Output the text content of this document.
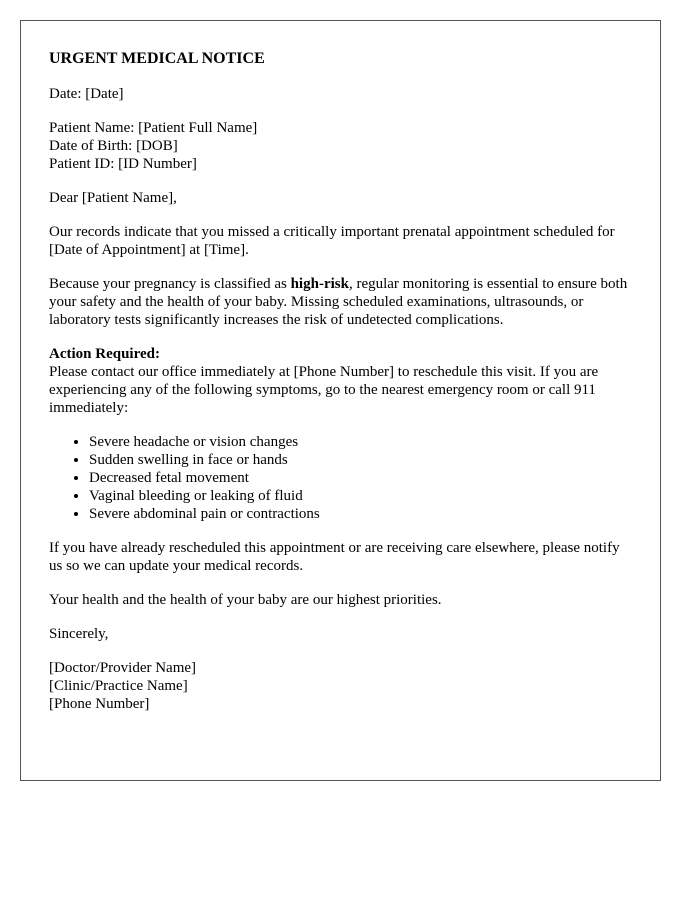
URGENT MEDICAL NOTICE

Date: [Date]

Patient Name: [Patient Full Name]
Date of Birth: [DOB]
Patient ID: [ID Number]

Dear [Patient Name],

Our records indicate that you missed a critically important prenatal appointment scheduled for [Date of Appointment] at [Time].

Because your pregnancy is classified as high-risk, regular monitoring is essential to ensure both your safety and the health of your baby. Missing scheduled examinations, ultrasounds, or laboratory tests significantly increases the risk of undetected complications.

Action Required:
Please contact our office immediately at [Phone Number] to reschedule this visit. If you are experiencing any of the following symptoms, go to the nearest emergency room or call 911 immediately:

• Severe headache or vision changes
• Sudden swelling in face or hands
• Decreased fetal movement
• Vaginal bleeding or leaking of fluid
• Severe abdominal pain or contractions

If you have already rescheduled this appointment or are receiving care elsewhere, please notify us so we can update your medical records.

Your health and the health of your baby are our highest priorities.

Sincerely,

[Doctor/Provider Name]
[Clinic/Practice Name]
[Phone Number]
